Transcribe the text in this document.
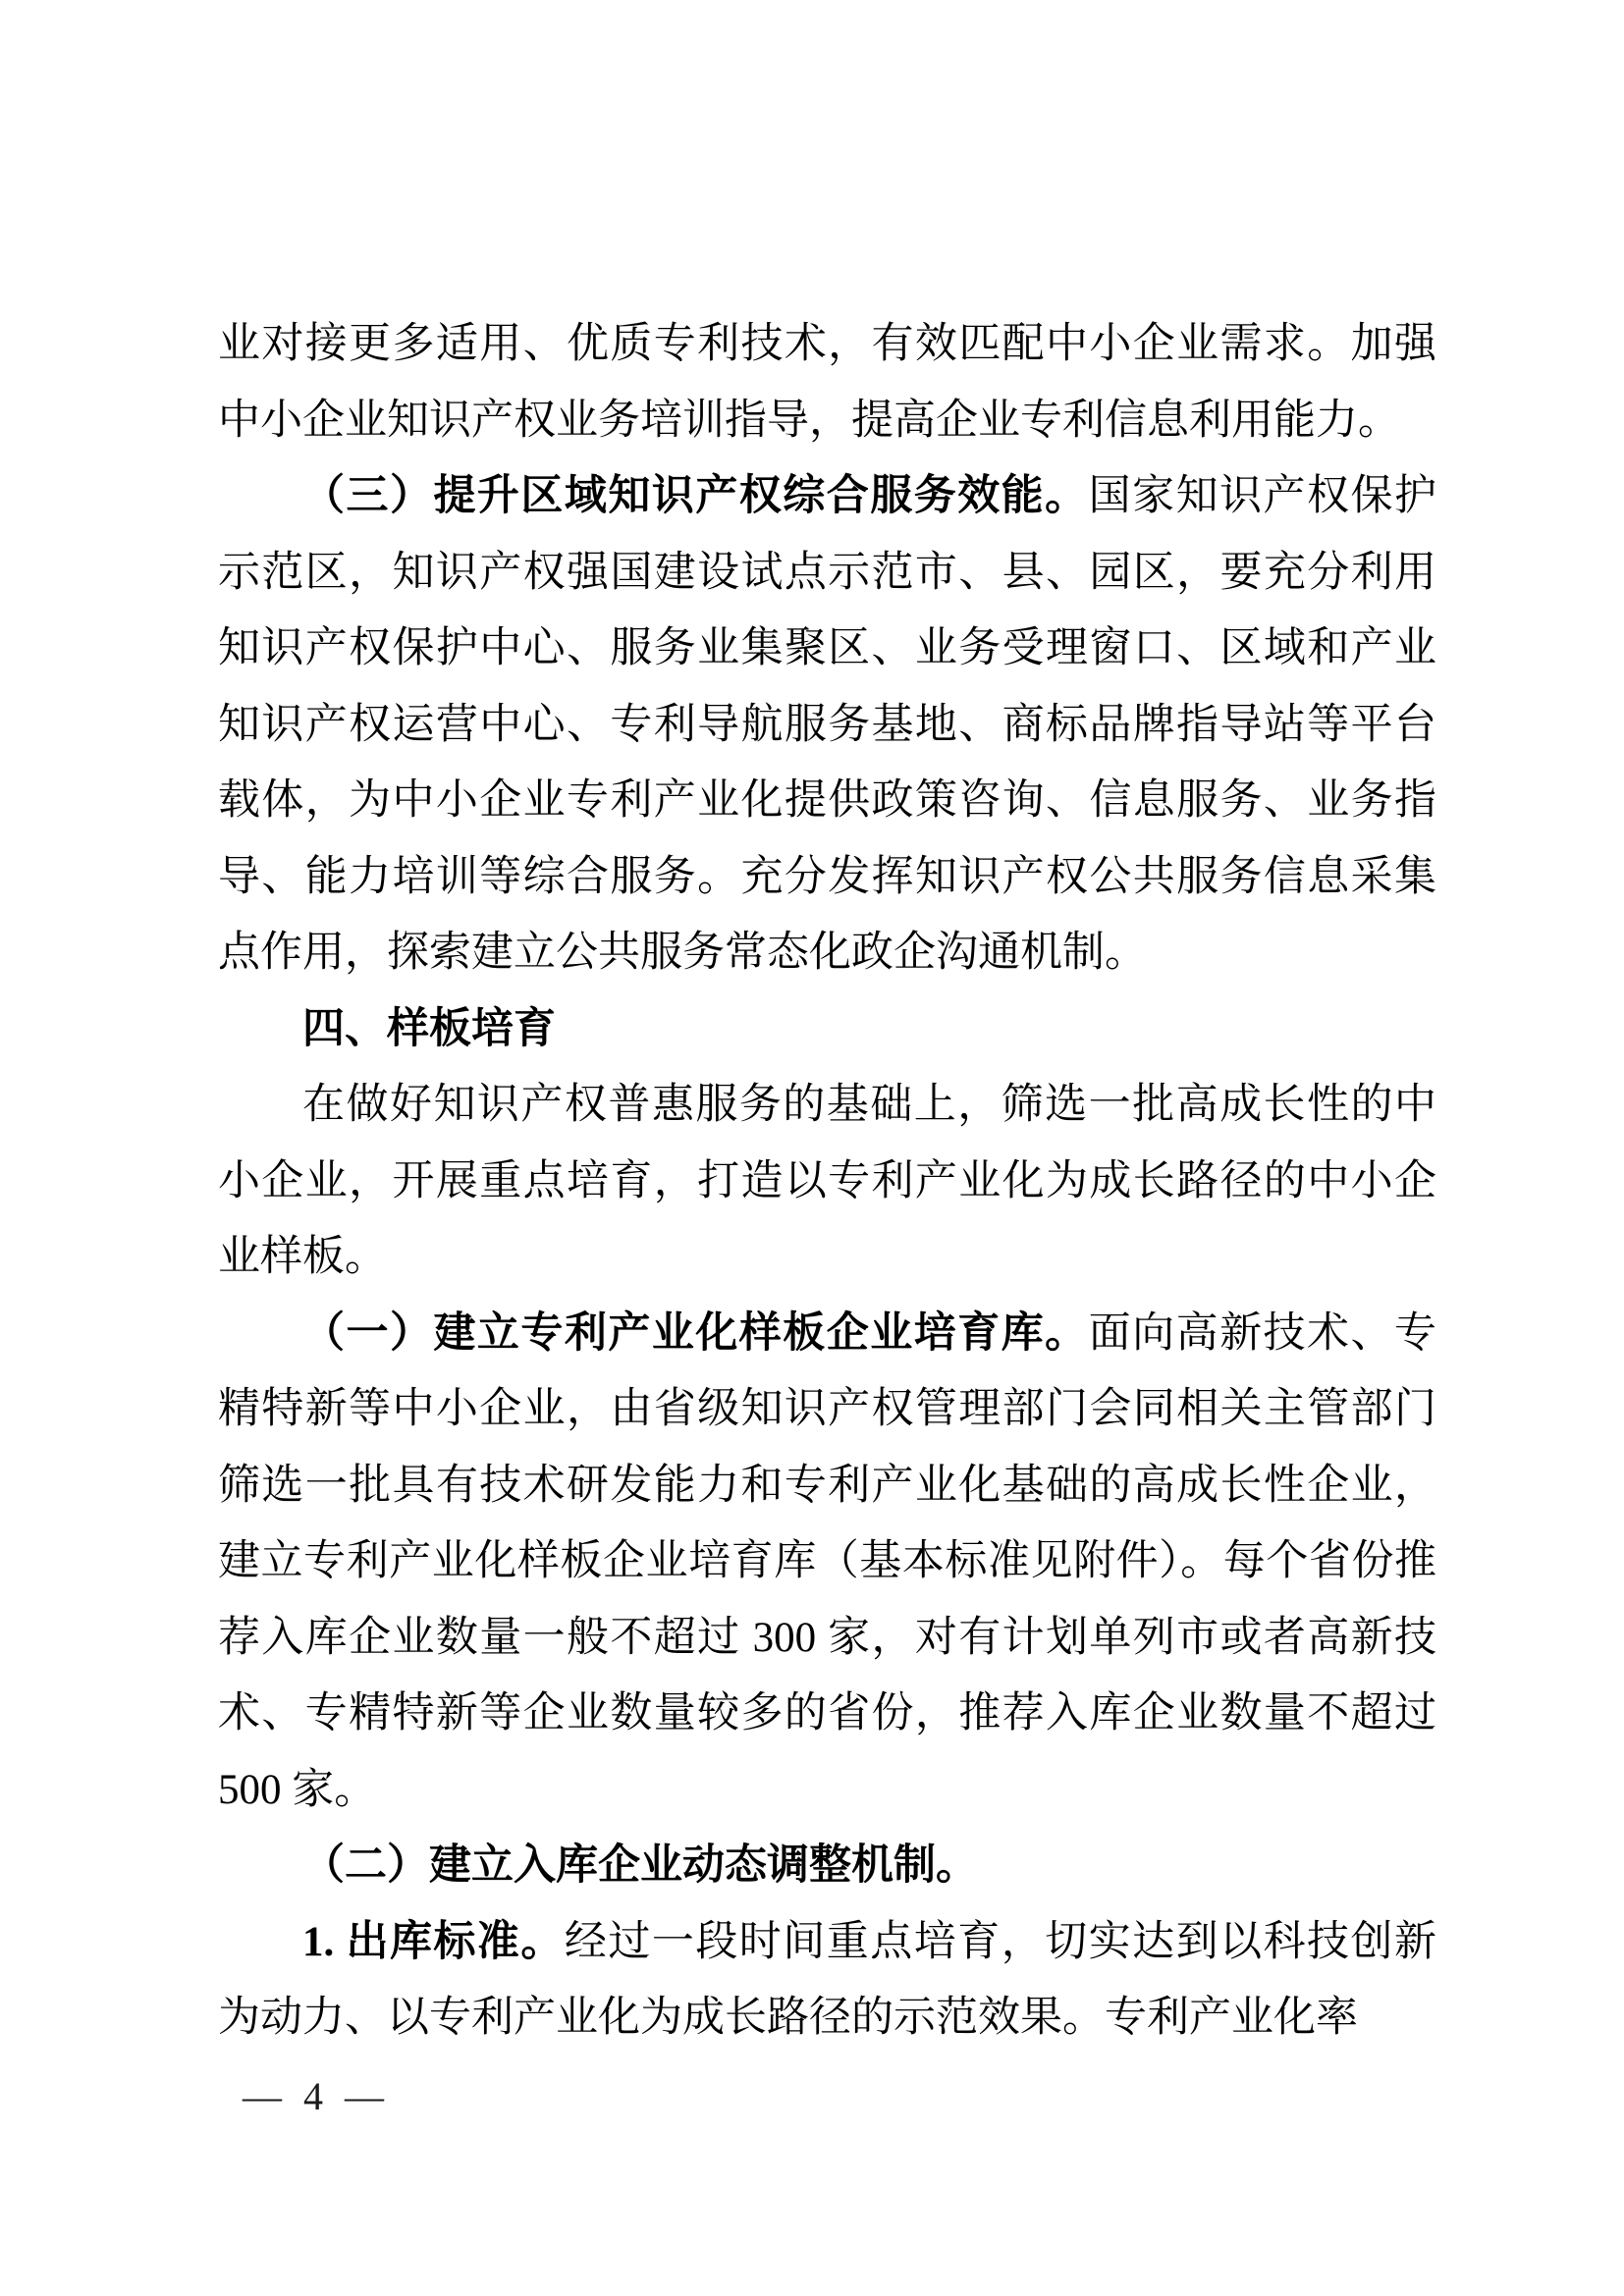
业对接更多适用、优质专利技术，有效匹配中小企业需求。加强中小企业知识产权业务培训指导，提高企业专利信息利用能力。

（三）提升区域知识产权综合服务效能。国家知识产权保护示范区，知识产权强国建设试点示范市、县、园区，要充分利用知识产权保护中心、服务业集聚区、业务受理窗口、区域和产业知识产权运营中心、专利导航服务基地、商标品牌指导站等平台载体，为中小企业专利产业化提供政策咨询、信息服务、业务指导、能力培训等综合服务。充分发挥知识产权公共服务信息采集点作用，探索建立公共服务常态化政企沟通机制。

四、样板培育

在做好知识产权普惠服务的基础上，筛选一批高成长性的中小企业，开展重点培育，打造以专利产业化为成长路径的中小企业样板。

（一）建立专利产业化样板企业培育库。面向高新技术、专精特新等中小企业，由省级知识产权管理部门会同相关主管部门筛选一批具有技术研发能力和专利产业化基础的高成长性企业，建立专利产业化样板企业培育库（基本标准见附件）。每个省份推荐入库企业数量一般不超过 300 家，对有计划单列市或者高新技术、专精特新等企业数量较多的省份，推荐入库企业数量不超过 500 家。

（二）建立入库企业动态调整机制。

1. 出库标准。经过一段时间重点培育，切实达到以科技创新为动力、以专利产业化为成长路径的示范效果。专利产业化率

— 4 —
